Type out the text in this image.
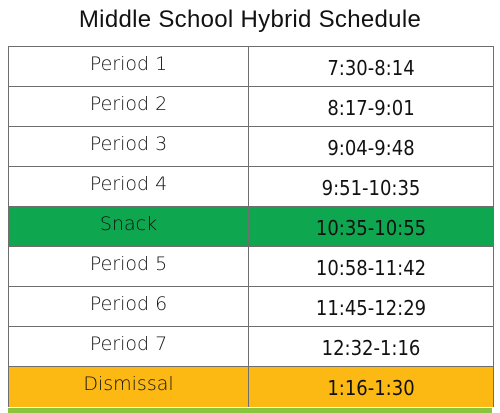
Middle School Hybrid Schedule
Period 1	7:30-8:14
Period 2	8:17-9:01
Period 3	9:04-9:48
Period 4	9:51-10:35
Snack	10:35-10:55
Period 5	10:58-11:42
Period 6	11:45-12:29
Period 7	12:32-1:16
Dismissal	1:16-1:30
